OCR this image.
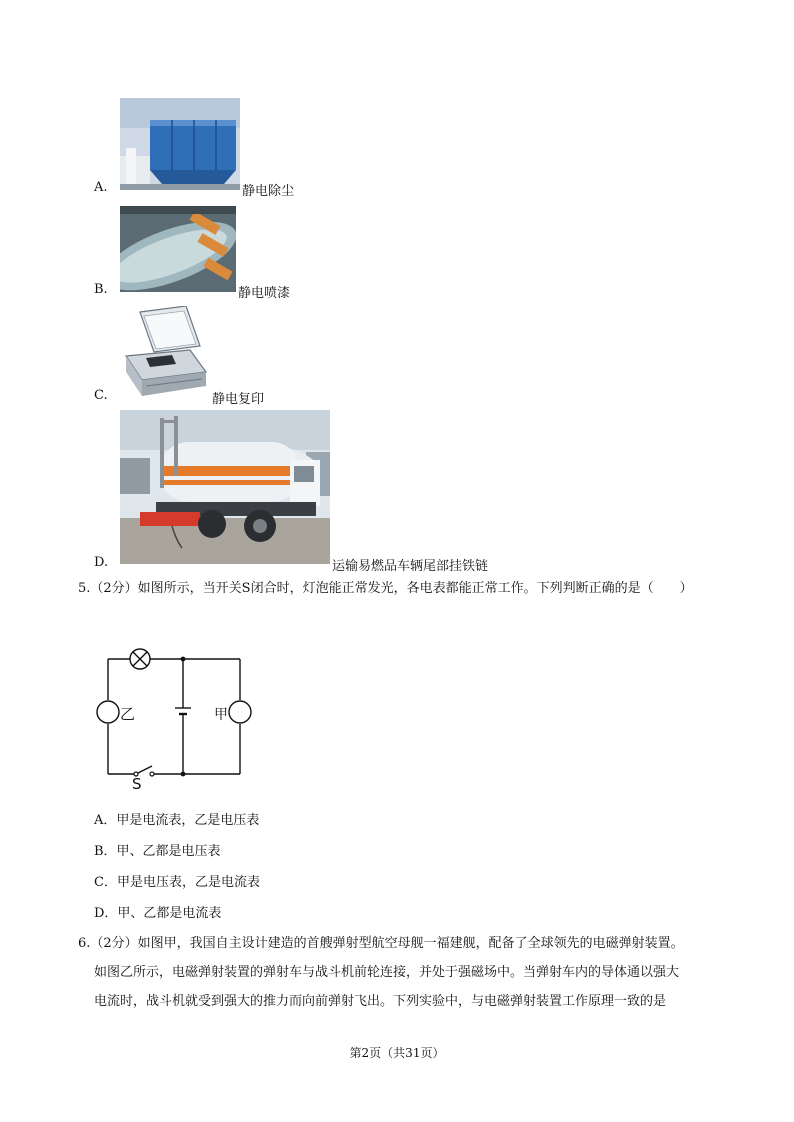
A.	静电除尘
B.	静电喷漆
C.	静电复印
D.	运输易燃品车辆尾部挂铁链
5.（2分）如图所示，当开关S闭合时，灯泡能正常发光，各电表都能正常工作。下列判断正确的是（　　）
乙	甲
S
A．甲是电流表，乙是电压表
B．甲、乙都是电压表
C．甲是电压表，乙是电流表
D．甲、乙都是电流表
6.（2分）如图甲，我国自主设计建造的首艘弹射型航空母舰一福建舰，配备了全球领先的电磁弹射装置。
如图乙所示，电磁弹射装置的弹射车与战斗机前轮连接，并处于强磁场中。当弹射车内的导体通以强大
电流时，战斗机就受到强大的推力而向前弹射飞出。下列实验中，与电磁弹射装置工作原理一致的是
第2页（共31页）
